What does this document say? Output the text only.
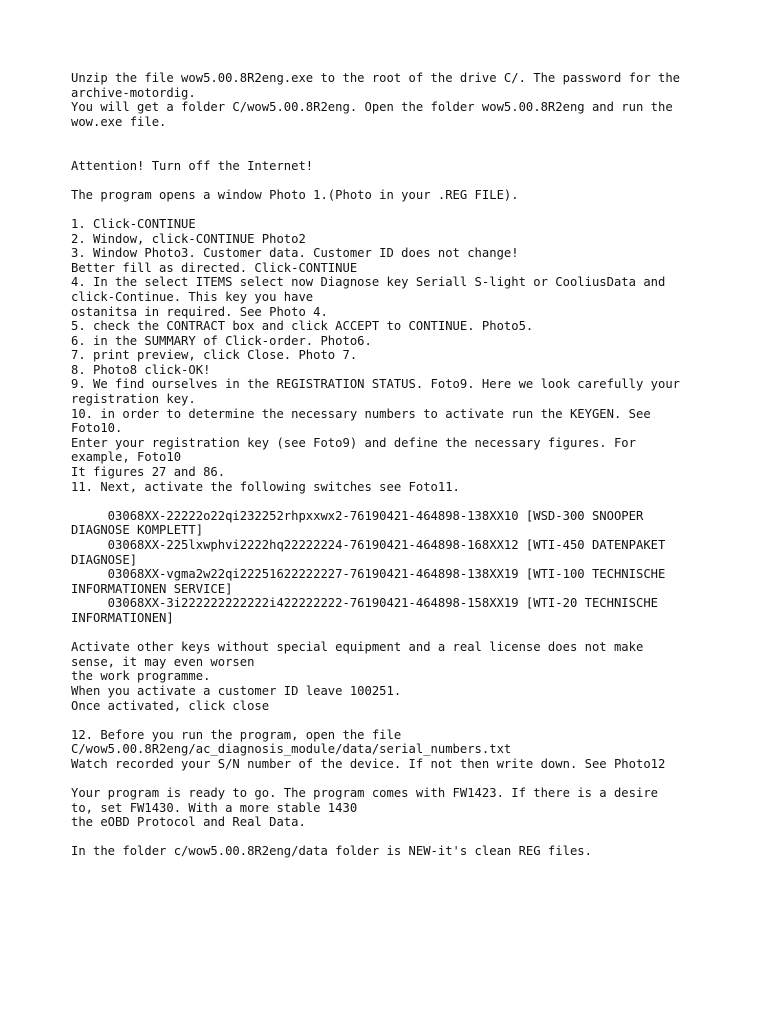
Unzip the file wow5.00.8R2eng.exe to the root of the drive C/. The password for the
archive-motordig.
You will get a folder C/wow5.00.8R2eng. Open the folder wow5.00.8R2eng and run the
wow.exe file.
Attention! Turn off the Internet!
The program opens a window Photo 1.(Photo in your .REG FILE).
1. Click-CONTINUE
2. Window, click-CONTINUE Photo2
3. Window Photo3. Customer data. Customer ID does not change!
Better fill as directed. Click-CONTINUE
4. In the select ITEMS select now Diagnose key Seriall S-light or CooliusData and
click-Continue. This key you have
ostanitsa in required. See Photo 4.
5. check the CONTRACT box and click ACCEPT to CONTINUE. Photo5.
6. in the SUMMARY of Click-order. Photo6.
7. print preview, click Close. Photo 7.
8. Photo8 click-OK!
9. We find ourselves in the REGISTRATION STATUS. Foto9. Here we look carefully your
registration key.
10. in order to determine the necessary numbers to activate run the KEYGEN. See
Foto10.
Enter your registration key (see Foto9) and define the necessary figures. For
example, Foto10
It figures 27 and 86.
11. Next, activate the following switches see Foto11.
03068XX-22222o22qi232252rhpxxwx2-76190421-464898-138XX10 [WSD-300 SNOOPER
DIAGNOSE KOMPLETT]
03068XX-225lxwphvi2222hq22222224-76190421-464898-168XX12 [WTI-450 DATENPAKET
DIAGNOSE]
03068XX-vgma2w22qi22251622222227-76190421-464898-138XX19 [WTI-100 TECHNISCHE
INFORMATIONEN SERVICE]
03068XX-3i222222222222i422222222-76190421-464898-158XX19 [WTI-20 TECHNISCHE
INFORMATIONEN]
Activate other keys without special equipment and a real license does not make
sense, it may even worsen
the work programme.
When you activate a customer ID leave 100251.
Once activated, click close
12. Before you run the program, open the file
C/wow5.00.8R2eng/ac_diagnosis_module/data/serial_numbers.txt
Watch recorded your S/N number of the device. If not then write down. See Photo12
Your program is ready to go. The program comes with FW1423. If there is a desire
to, set FW1430. With a more stable 1430
the eOBD Protocol and Real Data.
In the folder c/wow5.00.8R2eng/data folder is NEW-it's clean REG files.
